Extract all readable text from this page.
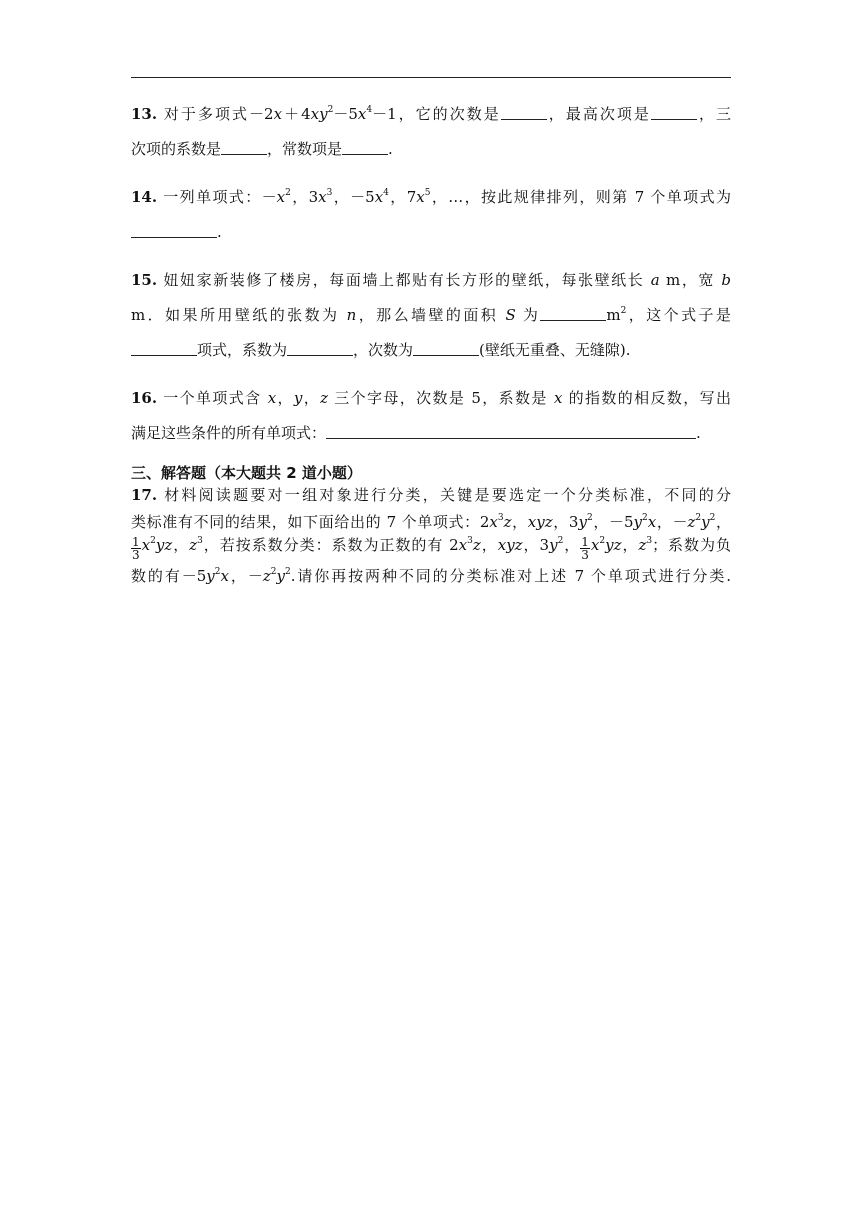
13. 对于多项式$-2x+4xy^2-5x^4-1$，它的次数是	，最高次项是	，三
次项的系数是	，常数项是	.
14. 一列单项式：$-x^2$，$3x^3$，$-5x^4$，$7x^5$，…，按此规律排列，则第 7 个单项式为
.
15. 妞妞家新装修了楼房，每面墙上都贴有长方形的壁纸，每张壁纸长 a m，宽 b
m．如果所用壁纸的张数为 n，那么墙壁的面积 S 为	$m^2$，这个式子是
项式，系数为	，次数为	(壁纸无重叠、无缝隙).
16. 一个单项式含 x，y，z 三个字母，次数是 5，系数是 x 的指数的相反数，写出
满足这些条件的所有单项式：	.
三、解答题（本大题共 2 道小题）
17. 材料阅读题要对一组对象进行分类，关键是要选定一个分类标准，不同的分
类标准有不同的结果，如下面给出的 7 个单项式：$2x^3z$，xyz，$3y^2$，$-5y^2x$，$-z^2y^2$，
$\frac{1}{3} x^2yz$，$z^3$，若按系数分类：系数为正数的有 $2x^3z$，xyz，$3y^2$， $\frac{1}{3} x^2yz$，$z^3$；系数为负
数的有$-5y^2x$，$-z^2y^2$.请你再按两种不同的分类标准对上述 7 个单项式进行分类.
